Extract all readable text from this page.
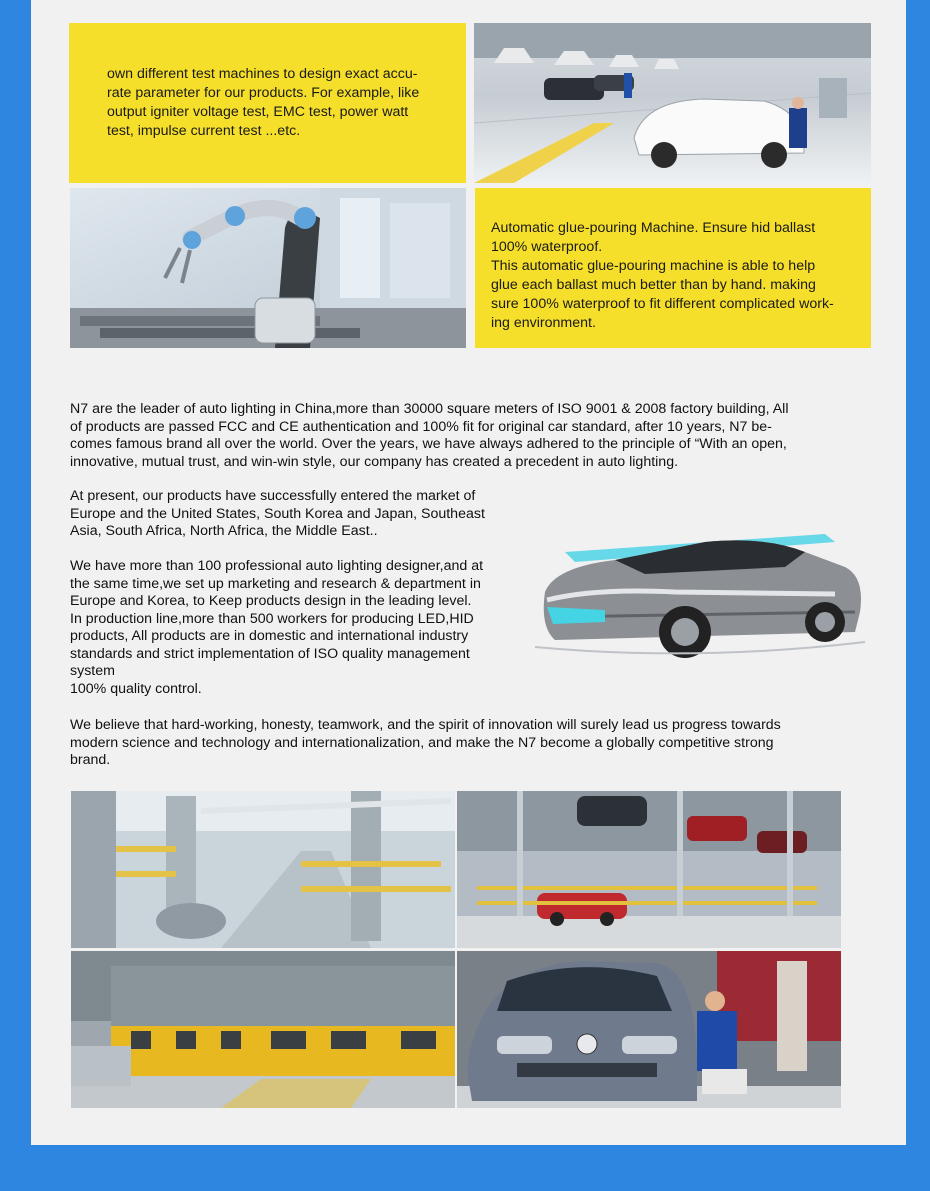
own different test machines to design exact accu-
rate parameter for our products. For example, like
output igniter voltage test, EMC test, power watt
test, impulse current test ...etc.
Automatic glue-pouring Machine. Ensure hid ballast
100% waterproof.
This automatic glue-pouring machine is able to help
glue each ballast much better than by hand. making
sure 100% waterproof to fit different complicated work-
ing environment.
N7 are the leader of auto lighting in China,more than 30000 square meters of ISO 9001 & 2008 factory building, All
of products are passed FCC and CE authentication and 100% fit for original car standard, after 10 years, N7 be-
comes famous brand all over the world. Over the years, we have always adhered to the principle of “With an open,
innovative, mutual trust, and win-win style, our company has created a precedent in auto lighting.
At present, our products have successfully entered the market of
Europe and the United States, South Korea and Japan, Southeast
Asia, South Africa, North Africa, the Middle East..
We have more than 100 professional auto lighting designer,and at
the same time,we set up marketing and research & department in
Europe and Korea, to Keep products design in the leading level.
In production line,more than 500 workers for producing LED,HID
products, All products are in domestic and international industry
standards and strict implementation of ISO quality management
system
100% quality control.
We believe that hard-working, honesty, teamwork, and the spirit of innovation will surely lead us progress towards
modern science and technology and internationalization, and make the N7 become a globally competitive strong
brand.
